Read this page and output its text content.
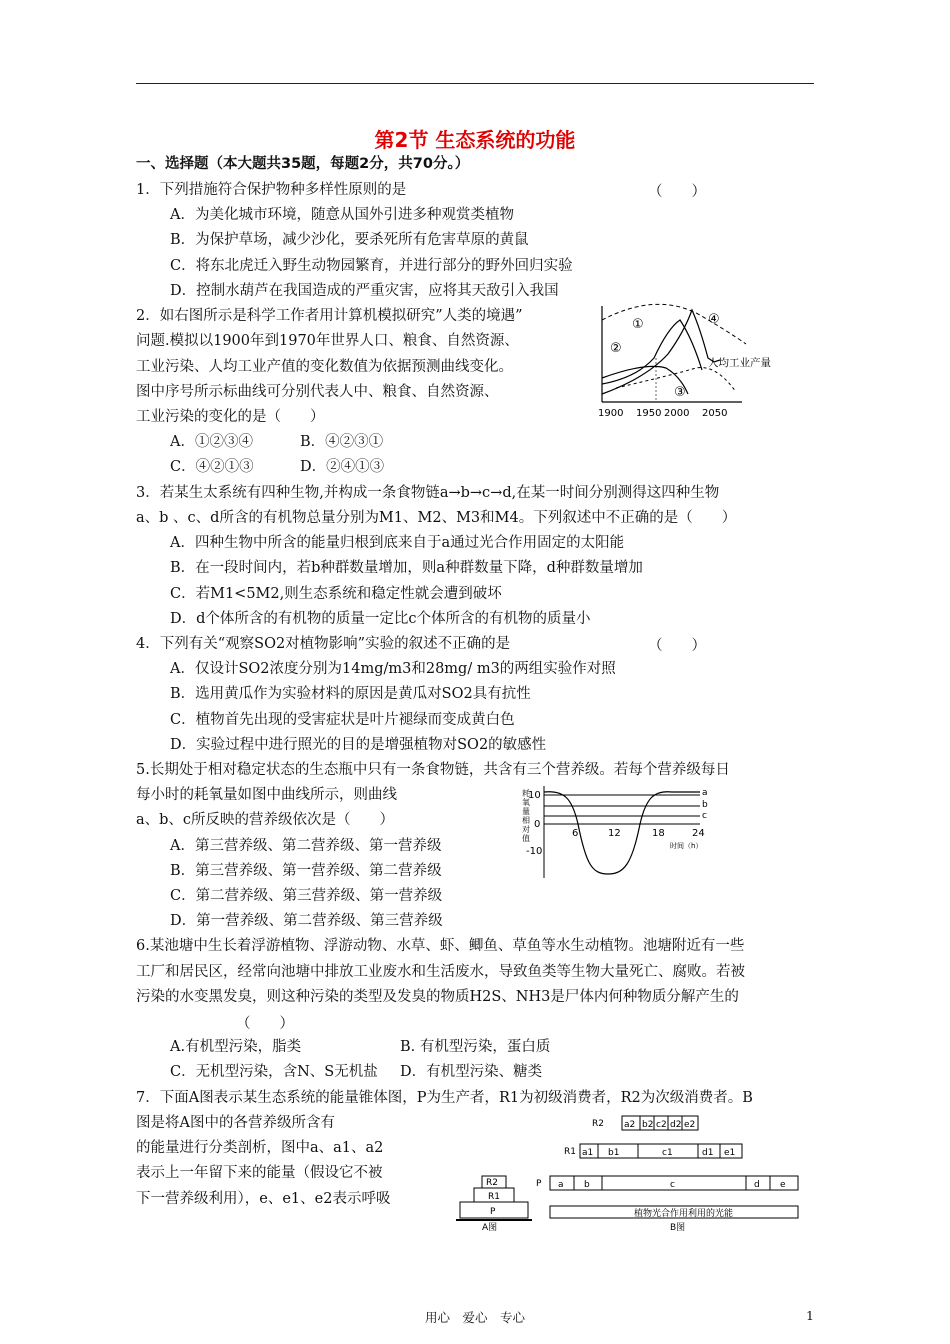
第2节 生态系统的功能
一、选择题（本大题共35题，每题2分，共70分。）
1．下列措施符合保护物种多样性原则的是	（　　）
A．为美化城市环境，随意从国外引进多种观赏类植物
B．为保护草场，减少沙化，要杀死所有危害草原的黄鼠
C．将东北虎迁入野生动物园繁育，并进行部分的野外回归实验
D．控制水葫芦在我国造成的严重灾害，应将其天敌引入我国
2．如右图所示是科学工作者用计算机模拟研究”人类的境遇”
问题.模拟以1900年到1970年世界人口、粮食、自然资源、
工业污染、人均工业产值的变化数值为依据预测曲线变化。
图中序号所示标曲线可分别代表人中、粮食、自然资源、
工业污染的变化的是（　　）
A．①②③④	B．④②③①
C．④②①③	D．②④①③
①
②
③
④
人均工业产量
1900 1950 2000 2050
3．若某生太系统有四种生物,并构成一条食物链a→b→c→d,在某一时间分别测得这四种生物
a、b 、c、d所含的有机物总量分别为M1、M2、M3和M4。下列叙述中不正确的是（　　）
A．四种生物中所含的能量归根到底来自于a通过光合作用固定的太阳能
B．在一段时间内，若b种群数量增加，则a种群数量下降，d种群数量增加
C．若M1<5M2,则生态系统和稳定性就会遭到破坏
D．d个体所含的有机物的质量一定比c个体所含的有机物的质量小
4．下列有关“观察SO2对植物影响”实验的叙述不正确的是	（　　）
A．仅设计SO2浓度分别为14mg/m3和28mg/ m3的两组实验作对照
B．选用黄瓜作为实验材料的原因是黄瓜对SO2具有抗性
C．植物首先出现的受害症状是叶片褪绿而变成黄白色
D．实验过程中进行照光的目的是增强植物对SO2的敏感性
5.长期处于相对稳定状态的生态瓶中只有一条食物链，共含有三个营养级。若每个营养级每日
每小时的耗氧量如图中曲线所示，则曲线
a、b、c所反映的营养级依次是（　　）
A．第三营养级、第二营养级、第一营养级
B．第三营养级、第一营养级、第二营养级
C．第二营养级、第三营养级、第一营养级
D．第一营养级、第二营养级、第三营养级
耗
氧
量
相
对
值
10
0
-10
6	12	18	24
时间（h）
a
b
c
6.某池塘中生长着浮游植物、浮游动物、水草、虾、鲫鱼、草鱼等水生动植物。池塘附近有一些
工厂和居民区，经常向池塘中排放工业废水和生活废水，导致鱼类等生物大量死亡、腐败。若被
污染的水变黑发臭，则这种污染的类型及发臭的物质H2S、NH3是尸体内何种物质分解产生的
（　　）
A.有机型污染，脂类	B. 有机型污染，蛋白质
C．无机型污染，含N、S无机盐 D．有机型污染、糖类
7．下面A图表示某生态系统的能量锥体图，P为生产者，R1为初级消费者，R2为次级消费者。B
图是将A图中的各营养级所含有
的能量进行分类剖析，图中a、a1、a2
表示上一年留下来的能量（假设它不被
下一营养级利用），e、e1、e2表示呼吸
R2
R1
P
A图
R2 a2 b2 c2 d2 e2
R1 a1 b1	c1	d1 e1
P a b	c	d e
植物光合作用利用的光能
B图
用心　爱心　专心	1
